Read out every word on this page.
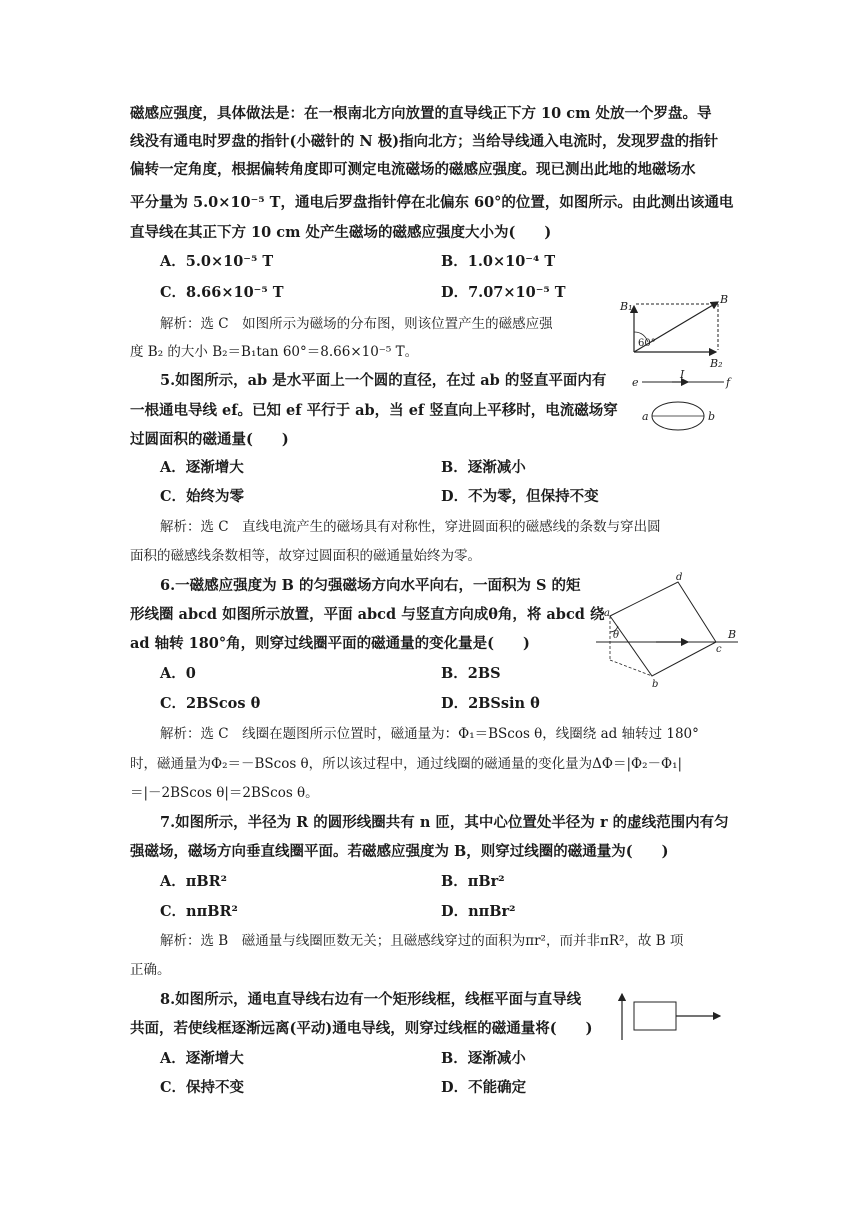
磁感应强度，具体做法是：在一根南北方向放置的直导线正下方 10 cm 处放一个罗盘。导
线没有通电时罗盘的指针(小磁针的 N 极)指向北方；当给导线通入电流时，发现罗盘的指针
偏转一定角度，根据偏转角度即可测定电流磁场的磁感应强度。现已测出此地的地磁场水
平分量为 5.0×10⁻⁵ T，通电后罗盘指针停在北偏东 60°的位置，如图所示。由此测出该通电
直导线在其正下方 10 cm 处产生磁场的磁感应强度大小为(　　)
A．5.0×10⁻⁵ T	B．1.0×10⁻⁴ T
C．8.66×10⁻⁵ T	D．7.07×10⁻⁵ T
解析：选 C　如图所示为磁场的分布图，则该位置产生的磁感应强
度 B₂ 的大小 B₂＝B₁tan 60°＝8.66×10⁻⁵ T。
B₁
B
B₂
60°
5.如图所示，ab 是水平面上一个圆的直径，在过 ab 的竖直平面内有
一根通电导线 ef。已知 ef 平行于 ab，当 ef 竖直向上平移时，电流磁场穿
过圆面积的磁通量(　　)
e
I
f
a	b
A．逐渐增大	B．逐渐减小
C．始终为零	D．不为零，但保持不变
解析：选 C　直线电流产生的磁场具有对称性，穿进圆面积的磁感线的条数与穿出圆
面积的磁感线条数相等，故穿过圆面积的磁通量始终为零。
6.一磁感应强度为 B 的匀强磁场方向水平向右，一面积为 S 的矩
形线圈 abcd 如图所示放置，平面 abcd 与竖直方向成θ角，将 abcd 绕
ad 轴转 180°角，则穿过线圈平面的磁通量的变化量是(　　)
a
d
θ
b
c
B
A．0	B．2BS
C．2BScos θ	D．2BSsin θ
解析：选 C　线圈在题图所示位置时，磁通量为：Φ₁＝BScos θ，线圈绕 ad 轴转过 180°
时，磁通量为Φ₂＝－BScos θ，所以该过程中，通过线圈的磁通量的变化量为ΔΦ＝|Φ₂－Φ₁|
＝|－2BScos θ|＝2BScos θ。
7.如图所示，半径为 R 的圆形线圈共有 n 匝，其中心位置处半径为 r 的虚线范围内有匀
强磁场，磁场方向垂直线圈平面。若磁感应强度为 B，则穿过线圈的磁通量为(　　)
A．πBR²	B．πBr²
C．nπBR²	D．nπBr²
解析：选 B　磁通量与线圈匝数无关；且磁感线穿过的面积为πr²，而并非πR²，故 B 项
正确。
8.如图所示，通电直导线右边有一个矩形线框，线框平面与直导线
共面，若使线框逐渐远离(平动)通电导线，则穿过线框的磁通量将(　　)
A．逐渐增大	B．逐渐减小
C．保持不变	D．不能确定
